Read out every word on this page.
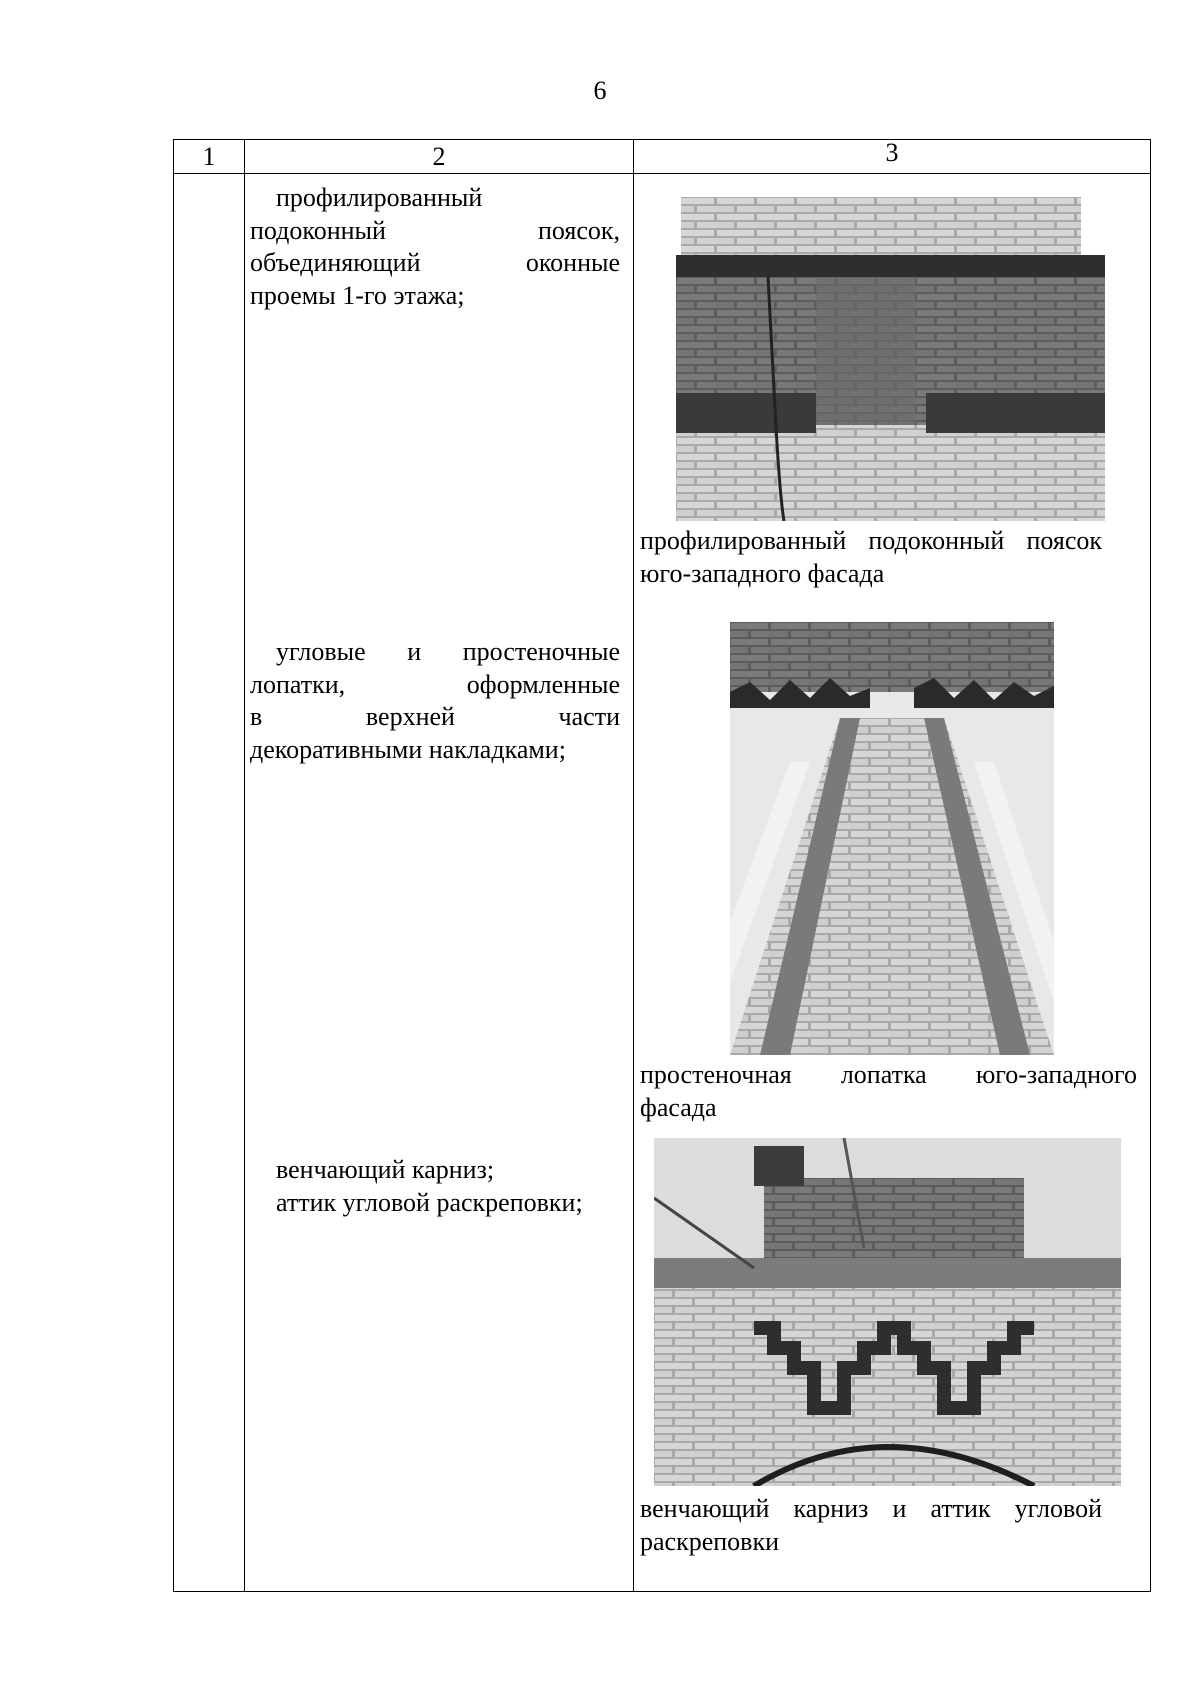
6
1	2	3
профилированный
подоконный поясок,
объединяющий оконные
проемы 1-го этажа;
профилированный подоконный поясок
юго-западного фасада
угловые и простеночные
лопатки, оформленные
в верхней части
декоративными накладками;
простеночная лопатка юго-западного
фасада
венчающий карниз;
аттик угловой раскреповки;
венчающий карниз и аттик угловой
раскреповки
